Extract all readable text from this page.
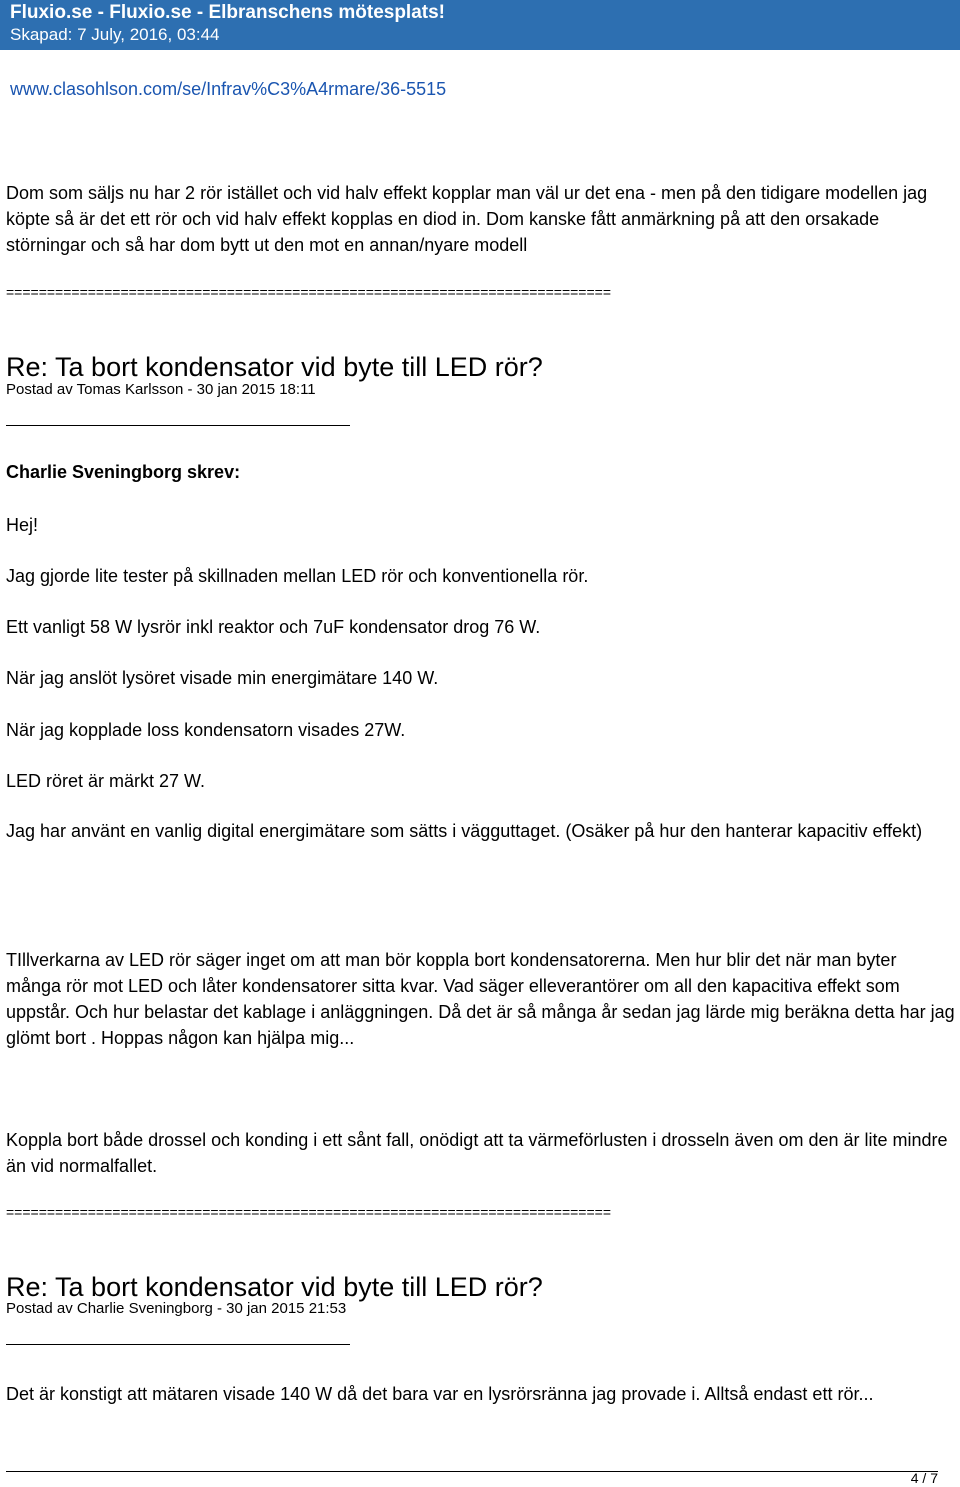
Fluxio.se - Fluxio.se - Elbranschens mötesplats!
Skapad: 7 July, 2016, 03:44
www.clasohlson.com/se/Infrav%C3%A4rmare/36-5515
Dom som säljs nu har 2 rör istället och vid halv effekt kopplar man väl ur det ena - men på den tidigare modellen jag köpte så är det ett rör och vid halv effekt kopplas en diod in. Dom kanske fått anmärkning på att den orsakade störningar och så har dom bytt ut den mot en annan/nyare modell
==========================================================================
Re: Ta bort kondensator vid byte till LED rör?
Postad av Tomas Karlsson - 30 jan 2015 18:11
Charlie Sveningborg skrev:
Hej!
Jag gjorde lite tester på skillnaden mellan LED rör och konventionella rör.
Ett vanligt 58 W lysrör inkl reaktor och 7uF kondensator drog 76 W.
När jag anslöt lysöret visade min energimätare 140 W.
När jag kopplade loss kondensatorn visades 27W.
LED röret är märkt 27 W.
Jag har använt en vanlig digital energimätare som sätts i vägguttaget. (Osäker på hur den hanterar kapacitiv effekt)
TIllverkarna av LED rör säger inget om att man bör koppla bort kondensatorerna. Men hur blir det när man byter många rör mot LED och låter kondensatorer sitta kvar. Vad säger elleverantörer om all den kapacitiva effekt som uppstår. Och hur belastar det kablage i anläggningen. Då det är så många år sedan jag lärde mig beräkna detta har jag glömt bort . Hoppas någon kan hjälpa mig...
Koppla bort både drossel och konding i ett sånt fall, onödigt att ta värmeförlusten i drosseln även om den är lite mindre än vid normalfallet.
==========================================================================
Re: Ta bort kondensator vid byte till LED rör?
Postad av Charlie Sveningborg - 30 jan 2015 21:53
Det är konstigt att mätaren visade 140 W då det bara var en lysrörsränna jag provade i. Alltså endast ett rör...
4 / 7
